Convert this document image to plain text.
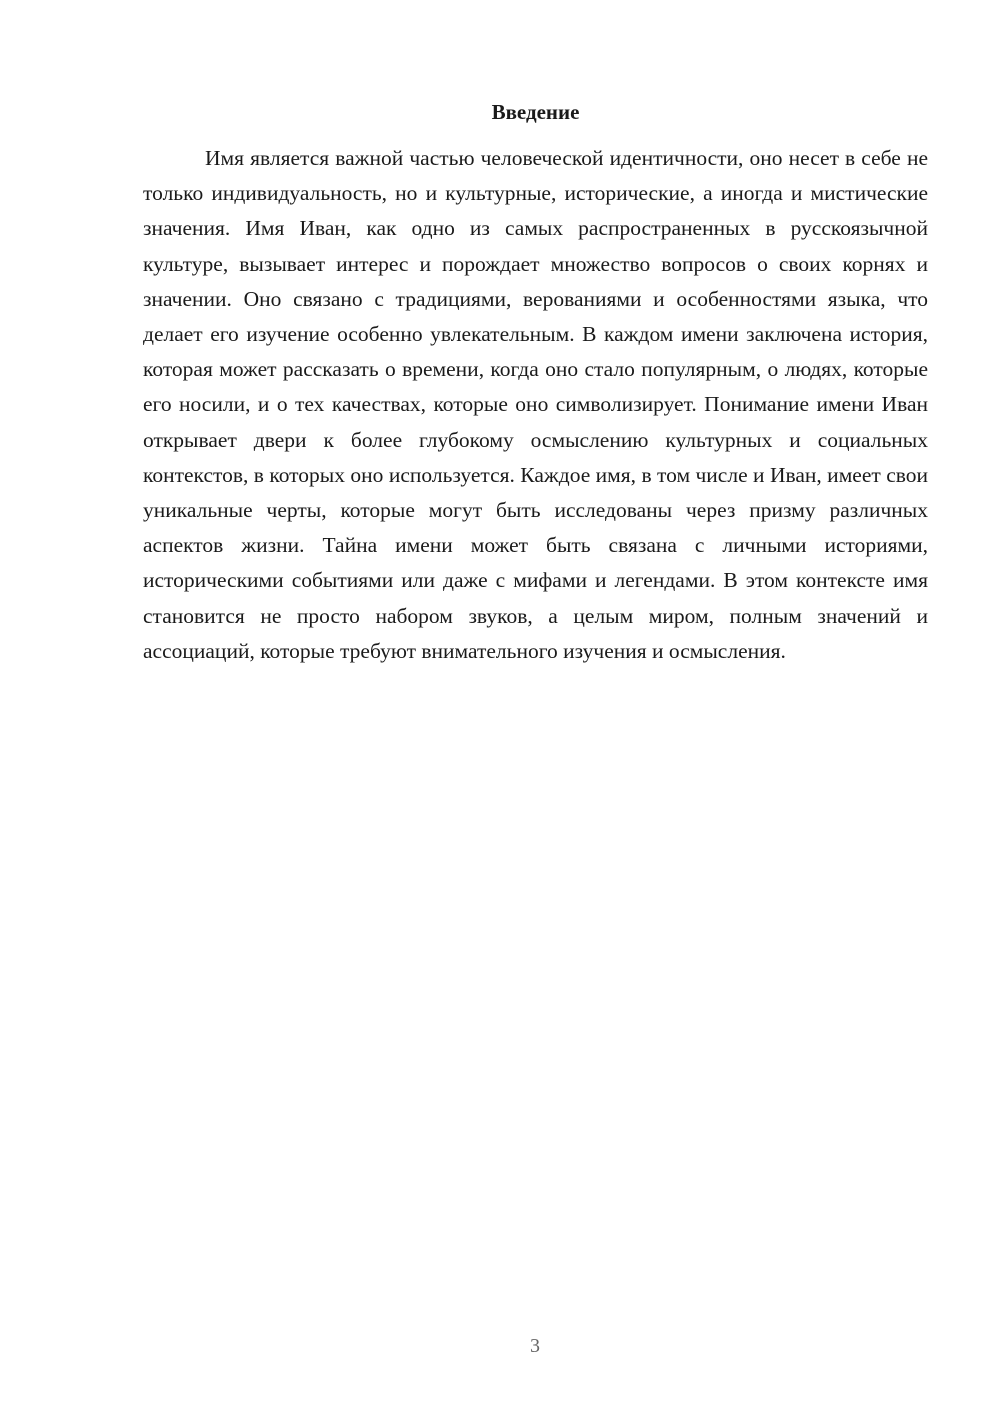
Введение

Имя является важной частью человеческой идентичности, оно несет в себе не только индивидуальность, но и культурные, исторические, а иногда и мистические значения. Имя Иван, как одно из самых распространенных в русскоязычной культуре, вызывает интерес и порождает множество вопросов о своих корнях и значении. Оно связано с традициями, верованиями и особенностями языка, что делает его изучение особенно увлекательным. В каждом имени заключена история, которая может рассказать о времени, когда оно стало популярным, о людях, которые его носили, и о тех качествах, которые оно символизирует. Понимание имени Иван открывает двери к более глубокому осмыслению культурных и социальных контекстов, в которых оно используется. Каждое имя, в том числе и Иван, имеет свои уникальные черты, которые могут быть исследованы через призму различных аспектов жизни. Тайна имени может быть связана с личными историями, историческими событиями или даже с мифами и легендами. В этом контексте имя становится не просто набором звуков, а целым миром, полным значений и ассоциаций, которые требуют внимательного изучения и осмысления.

3
